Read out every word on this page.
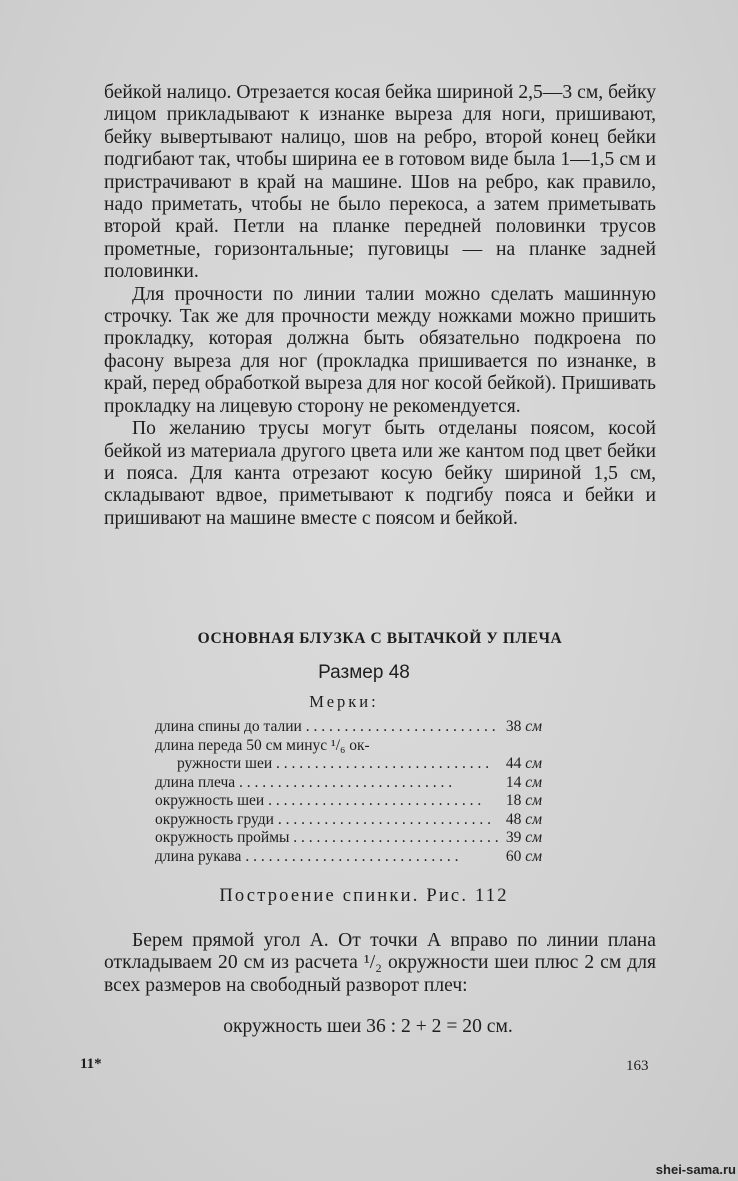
бейкой налицо. Отрезается косая бейка шириной 2,5—3 см, бейку лицом прикладывают к изнанке выреза для ноги, пришивают, бейку вывертывают налицо, шов на ребро, второй конец бейки подгибают так, чтобы ширина ее в готовом виде была 1—1,5 см и пристрачивают в край на машине. Шов на ребро, как правило, надо приметать, чтобы не было перекоса, а затем приметывать второй край. Петли на планке передней половинки трусов прометные, горизонтальные; пуговицы — на планке задней половинки.

Для прочности по линии талии можно сделать машинную строчку. Так же для прочности между ножками можно пришить прокладку, которая должна быть обязательно подкроена по фасону выреза для ног (прокладка пришивается по изнанке, в край, перед обработкой выреза для ног косой бейкой). Пришивать прокладку на лицевую сторону не рекомендуется.

По желанию трусы могут быть отделаны поясом, косой бейкой из материала другого цвета или же кантом под цвет бейки и пояса. Для канта отрезают косую бейку шириной 1,5 см, складывают вдвое, приметывают к подгибу пояса и бейки и пришивают на машине вместе с поясом и бейкой.

ОСНОВНАЯ БЛУЗКА С ВЫТАЧКОЙ У ПЛЕЧА
Размер 48
Мерки:
длина спины до талии . . .	38 см
длина переда 50 см минус ¹/₆ ок-
ружности шеи . . .	44 см
длина плеча . . .	14 см
окружность шеи . . .	18 см
окружность груди . . .	48 см
окружность проймы . . .	39 см
длина рукава . . .	60 см
Построение спинки. Рис. 112

Берем прямой угол А. От точки А вправо по линии плана откладываем 20 см из расчета ¹/₂ окружности шеи плюс 2 см для всех размеров на свободный разворот плеч:

окружность шеи 36 : 2 + 2 = 20 см.
11*	163
shei-sama.ru
